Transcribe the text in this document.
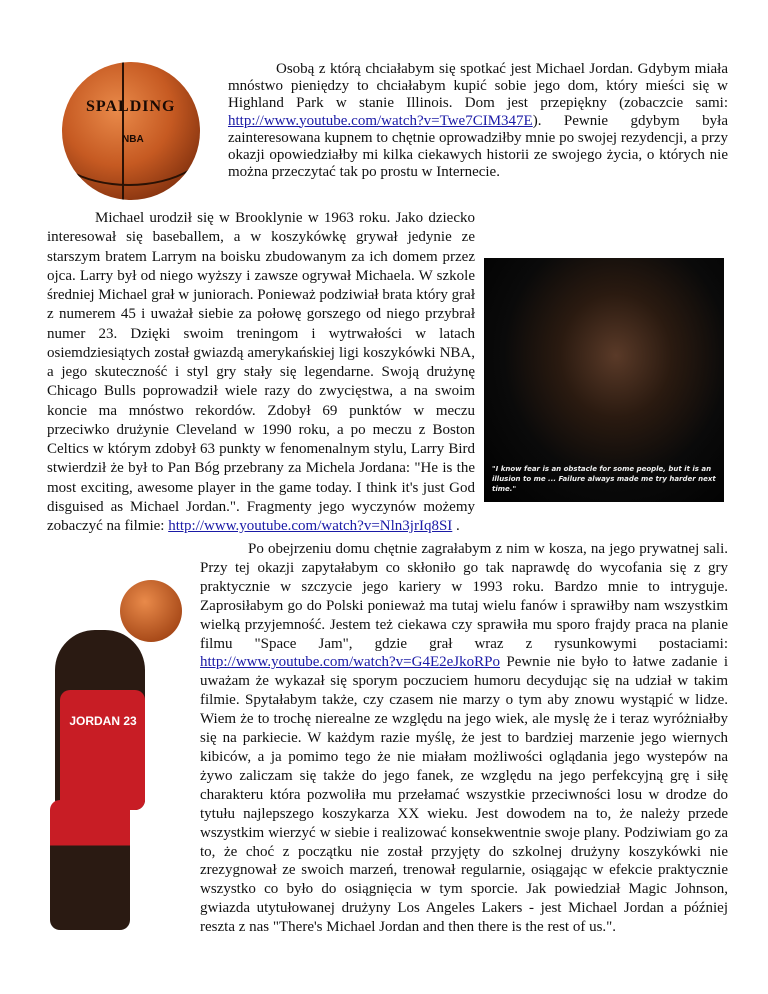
SPALDING
NBA

Osobą z którą chciałabym się spotkać jest Michael Jordan. Gdybym miała mnóstwo pieniędzy to chciałabym kupić sobie jego dom, który mieści się w Highland Park w stanie Illinois. Dom jest przepiękny (zobaczcie sami: http://www.youtube.com/watch?v=Twe7CIM347E). Pewnie gdybym była zainteresowana kupnem to chętnie oprowadziłby mnie po swojej rezydencji, a przy okazji opowiedziałby mi kilka ciekawych historii ze swojego życia, o których nie można przeczytać tak po prostu w Internecie.

"I know fear is an obstacle for some people, but it is an illusion to me ... Failure always made me try harder next time."

Michael urodził się w Brooklynie w 1963 roku. Jako dziecko interesował się baseballem, a w koszykówkę grywał jedynie ze starszym bratem Larrym na boisku zbudowanym za ich domem przez ojca. Larry był od niego wyższy i zawsze ogrywał Michaela. W szkole średniej Michael grał w juniorach. Ponieważ podziwiał brata który grał z numerem 45 i uważał siebie za połowę gorszego od niego przybrał numer 23. Dzięki swoim treningom i wytrwałości w latach osiemdziesiątych został gwiazdą amerykańskiej ligi koszykówki NBA, a jego skuteczność i styl gry stały się legendarne. Swoją drużynę Chicago Bulls poprowadził wiele razy do zwycięstwa, a na swoim koncie ma mnóstwo rekordów. Zdobył 69 punktów w meczu przeciwko drużynie Cleveland w 1990 roku, a po meczu z Boston Celtics w którym zdobył 63 punkty w fenomenalnym stylu, Larry Bird stwierdził że był to Pan Bóg przebrany za Michela Jordana: "He is the most exciting, awesome player in the game today. I think it's just God disguised as Michael Jordan.". Fragmenty jego wyczynów możemy zobaczyć na filmie: http://www.youtube.com/watch?v=Nln3jrIq8SI .

JORDAN 23

Po obejrzeniu domu chętnie zagrałabym z nim w kosza, na jego prywatnej sali. Przy tej okazji zapytałabym co skłoniło go tak naprawdę do wycofania się z gry praktycznie w szczycie jego kariery w 1993 roku. Bardzo mnie to intryguje. Zaprosiłabym go do Polski ponieważ ma tutaj wielu fanów i sprawiłby nam wszystkim wielką przyjemność. Jestem też ciekawa czy sprawiła mu sporo frajdy praca na planie filmu "Space Jam", gdzie grał wraz z rysunkowymi postaciami: http://www.youtube.com/watch?v=G4E2eJkoRPo Pewnie nie było to łatwe zadanie i uważam że wykazał się sporym poczuciem humoru decydując się na udział w takim filmie. Spytałabym także, czy czasem nie marzy o tym aby znowu wystąpić w lidze. Wiem że to trochę nierealne ze względu na jego wiek, ale myslę że i teraz wyróżniałby się na parkiecie. W każdym razie myślę, że jest to bardziej marzenie jego wiernych kibiców, a ja pomimo tego że nie miałam możliwości oglądania jego wystepów na żywo zaliczam się także do jego fanek, ze względu na jego perfekcyjną grę i siłę charakteru która pozwoliła mu przełamać wszystkie przeciwności losu w drodze do tytułu najlepszego koszykarza XX wieku. Jest dowodem na to, że należy przede wszystkim wierzyć w siebie i realizować konsekwentnie swoje plany. Podziwiam go za to, że choć z początku nie został przyjęty do szkolnej drużyny koszykówki nie zrezygnował ze swoich marzeń, trenował regularnie, osiągając w efekcie praktycznie wszystko co było do osiągnięcia w tym sporcie. Jak powiedział Magic Johnson, gwiazda utytułowanej drużyny Los Angeles Lakers - jest Michael Jordan a później reszta z nas "There's Michael Jordan and then there is the rest of us.".
